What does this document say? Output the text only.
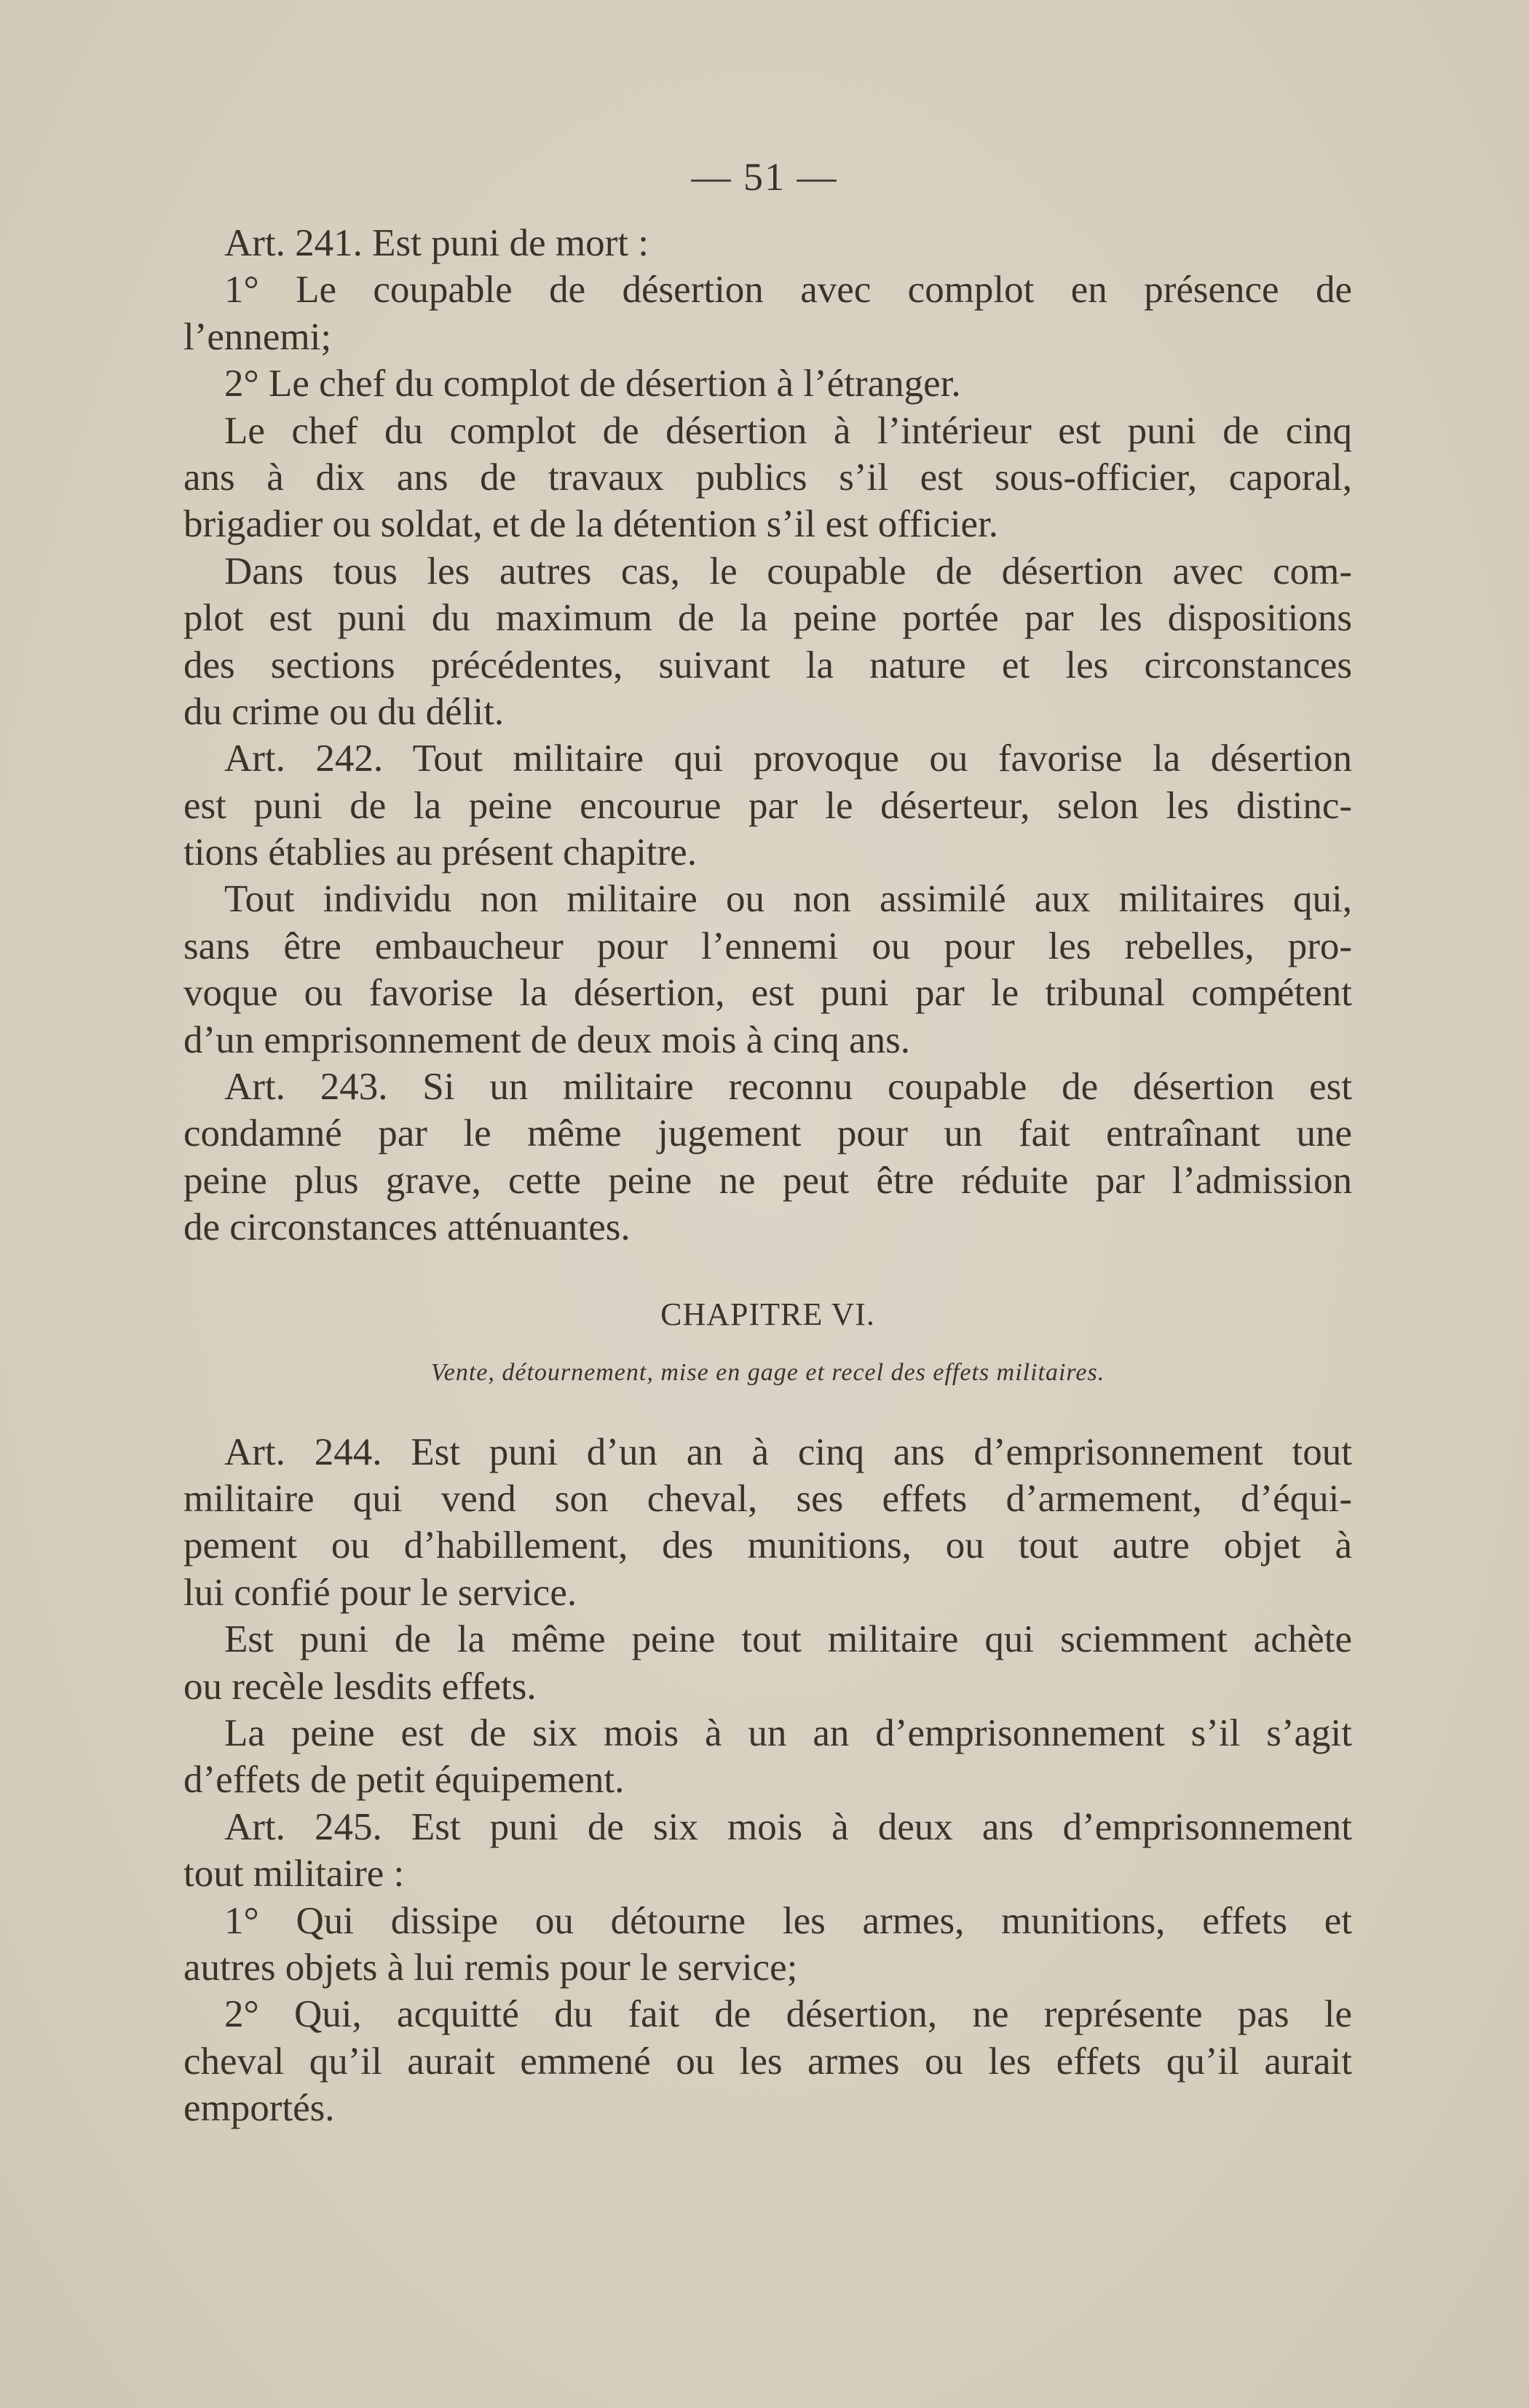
— 51 —
Art. 241. Est puni de mort :
1° Le coupable de désertion avec complot en présence de
l’ennemi;
2° Le chef du complot de désertion à l’étranger.
Le chef du complot de désertion à l’intérieur est puni de cinq
ans à dix ans de travaux publics s’il est sous-officier, caporal,
brigadier ou soldat, et de la détention s’il est officier.
Dans tous les autres cas, le coupable de désertion avec com-
plot est puni du maximum de la peine portée par les dispositions
des sections précédentes, suivant la nature et les circonstances
du crime ou du délit.
Art. 242. Tout militaire qui provoque ou favorise la désertion
est puni de la peine encourue par le déserteur, selon les distinc-
tions établies au présent chapitre.
Tout individu non militaire ou non assimilé aux militaires qui,
sans être embaucheur pour l’ennemi ou pour les rebelles, pro-
voque ou favorise la désertion, est puni par le tribunal compétent
d’un emprisonnement de deux mois à cinq ans.
Art. 243. Si un militaire reconnu coupable de désertion est
condamné par le même jugement pour un fait entraînant une
peine plus grave, cette peine ne peut être réduite par l’admission
de circonstances atténuantes.
CHAPITRE VI.
Vente, détournement, mise en gage et recel des effets militaires.
Art. 244. Est puni d’un an à cinq ans d’emprisonnement tout
militaire qui vend son cheval, ses effets d’armement, d’équi-
pement ou d’habillement, des munitions, ou tout autre objet à
lui confié pour le service.
Est puni de la même peine tout militaire qui sciemment achète
ou recèle lesdits effets.
La peine est de six mois à un an d’emprisonnement s’il s’agit
d’effets de petit équipement.
Art. 245. Est puni de six mois à deux ans d’emprisonnement
tout militaire :
1° Qui dissipe ou détourne les armes, munitions, effets et
autres objets à lui remis pour le service;
2° Qui, acquitté du fait de désertion, ne représente pas le
cheval qu’il aurait emmené ou les armes ou les effets qu’il aurait
emportés.
